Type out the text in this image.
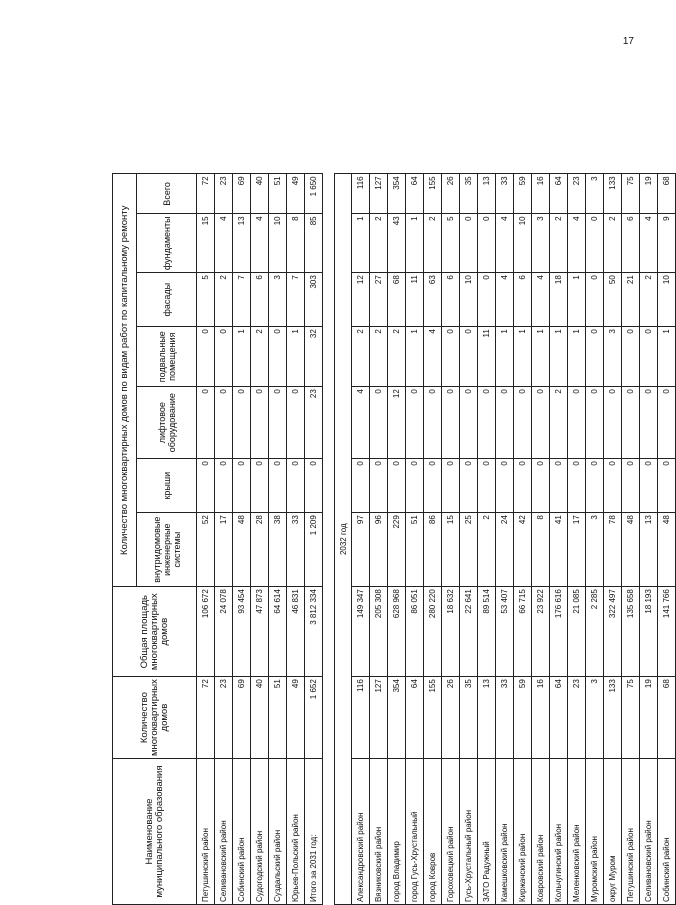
17
Наименование муниципального образования	Количество многоквартирных домов	Общая площадь многоквартирных домов	Количество многоквартирных домов по видам работ по капитальному ремонту						
			внутридомовые инженерные системы	крыши	лифтовое оборудование	подвальные помещения	фасады	фундаменты	Всего
Петушинский район	72	106 672	52	0	0	0	5	15	72
Селивановский район	23	24 078	17	0	0	0	2	4	23
Собинский район	69	93 454	48	0	0	1	7	13	69
Судогодский район	40	47 873	28	0	0	2	6	4	40
Суздальский район	51	64 614	38	0	0	0	3	10	51
Юрьев-Польский район	49	46 831	33	0	0	1	7	8	49
Итого за 2031 год:	1 652	3 812 334	1 209	0	23	32	303	85	1 650

2032 год									
Александровский район	116	149 347	97	0	4	2	12	1	116
Вязниковский район	127	205 308	96	0	0	2	27	2	127
город Владимир	354	628 968	229	0	12	2	68	43	354
город Гусь-Хрустальный	64	86 051	51	0	0	1	11	1	64
город Ковров	155	280 220	86	0	0	4	63	2	155
Гороховецкий район	26	18 632	15	0	0	0	6	5	26
Гусь-Хрустальный район	35	22 641	25	0	0	0	10	0	35
ЗАТО Радужный	13	89 514	2	0	0	11	0	0	13
Камешковский район	33	53 407	24	0	0	1	4	4	33
Киржачский район	59	66 715	42	0	0	1	6	10	59
Ковровский район	16	23 922	8	0	0	1	4	3	16
Кольчугинский район	64	176 616	41	0	2	1	18	2	64
Меленковский район	23	21 085	17	0	0	1	1	4	23
Муромский район	3	2 285	3	0	0	0	0	0	3
округ Муром	133	322 497	78	0	0	3	50	2	133
Петушинский район	75	135 658	48	0	0	0	21	6	75
Селивановский район	19	18 193	13	0	0	0	2	4	19
Собинский район	68	141 766	48	0	0	1	10	9	68
